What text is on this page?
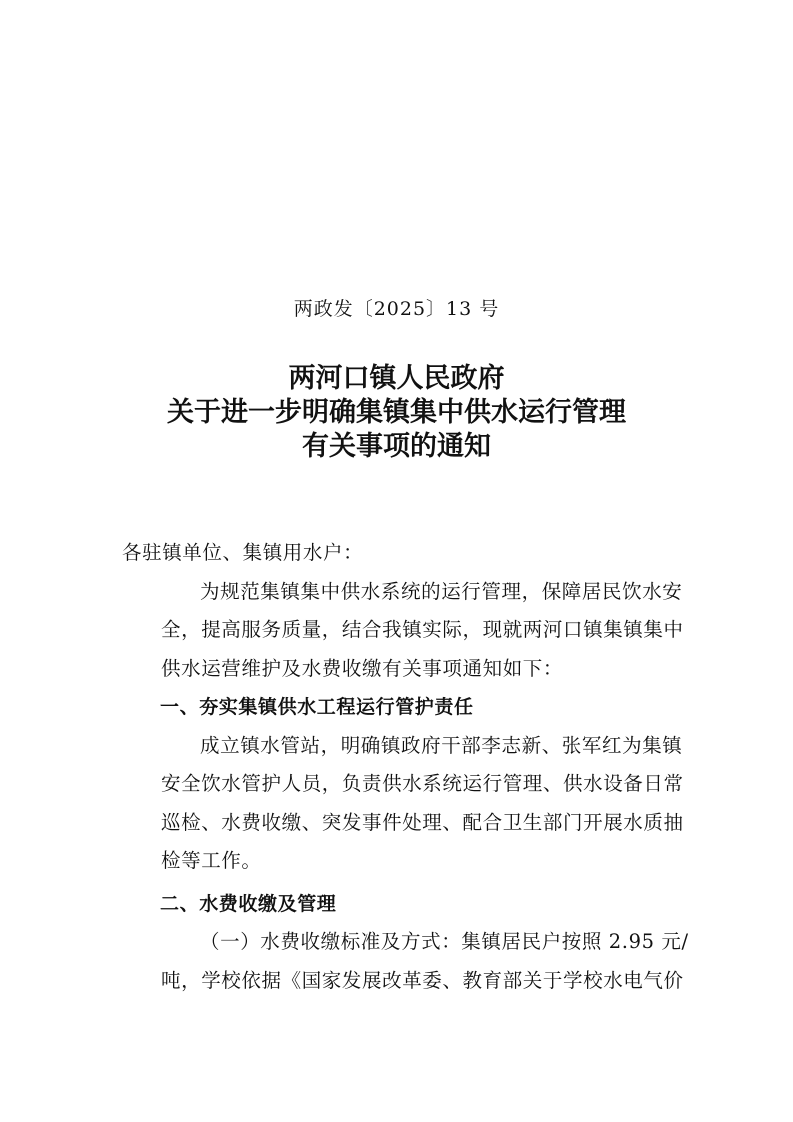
两政发〔2025〕13 号
两河口镇人民政府
关于进一步明确集镇集中供水运行管理
有关事项的通知
各驻镇单位、集镇用水户：
为规范集镇集中供水系统的运行管理，保障居民饮水安
全，提高服务质量，结合我镇实际，现就两河口镇集镇集中
供水运营维护及水费收缴有关事项通知如下：
一、夯实集镇供水工程运行管护责任
成立镇水管站，明确镇政府干部李志新、张军红为集镇
安全饮水管护人员，负责供水系统运行管理、供水设备日常
巡检、水费收缴、突发事件处理、配合卫生部门开展水质抽
检等工作。
二、水费收缴及管理
（一）水费收缴标准及方式：集镇居民户按照 2.95 元/
吨，学校依据《国家发展改革委、教育部关于学校水电气价
